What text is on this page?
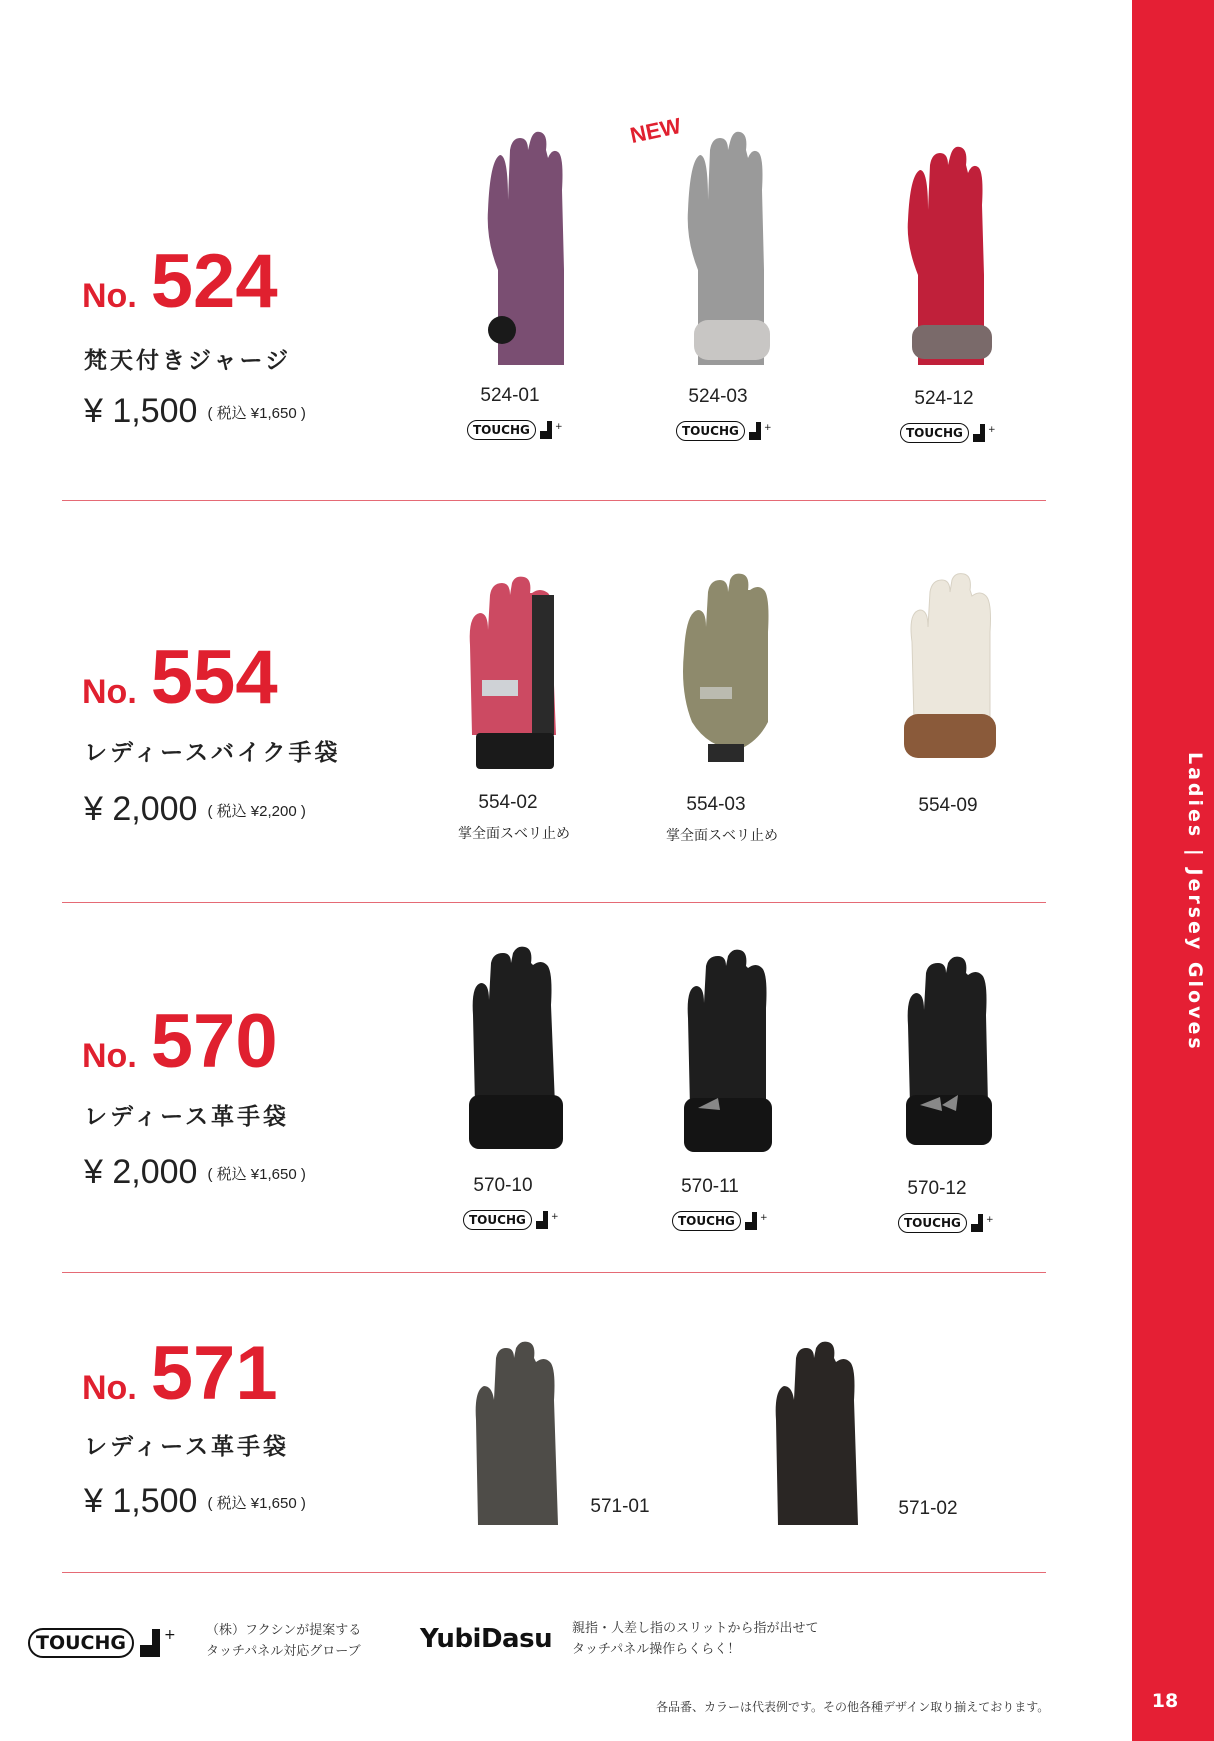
Ladies | Jersey Gloves
18
No. 524
梵天付きジャージ
¥ 1,500 ( 税込 ¥1,650 )
NEW
524-01	524-03	524-12
TOUCHG	+	TOUCHG	+	TOUCHG	+
No. 554
レディースバイク手袋
¥ 2,000 ( 税込 ¥2,200 )	554-02	554-03	554-09
掌全面スベリ止め	掌全面スベリ止め
No. 570
レディース革手袋
¥ 2,000 ( 税込 ¥1,650 )
570-10	570-11	570-12
TOUCHG	+	TOUCHG	+	TOUCHG	+
No. 571
レディース革手袋
¥ 1,500 ( 税込 ¥1,650 )	571-01	571-02
TOUCHG	+ （株）フクシンが提案する
タッチパネル対応グローブ YubiDasu 親指・人差し指のスリットから指が出せて
タッチパネル操作らくらく！
各品番、カラーは代表例です。その他各種デザイン取り揃えております。
